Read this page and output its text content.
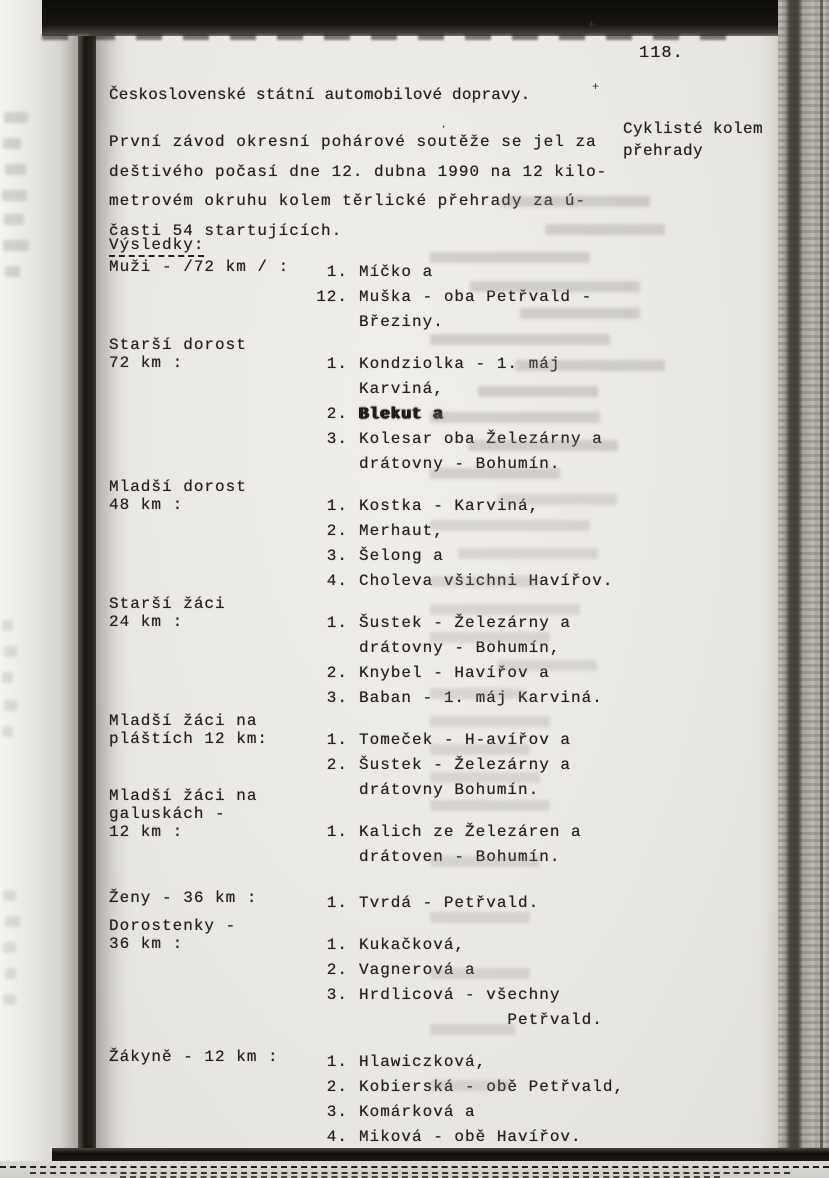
118.
Československé státní automobilové dopravy.
Cyklisté kolem
přehrady
První závod okresní pohárové soutěže se jel za
deštivého počasí dne 12. dubna 1990 na 12 kilo-
metrovém okruhu kolem těrlické přehrady za ú-
časti 54 startujících.
Výsledky:
Muži - /72 km / :	1. Míčko a
12. Muška - oba Petřvald -
Březiny.
Starší dorost
72 km :	1. Kondziolka - 1. máj
Karviná,
2. Blekut a
3. Kolesar oba Železárny a
drátovny - Bohumín.
Mladší dorost
48 km :	1. Kostka - Karviná,
2. Merhaut,
3. Šelong a
4. Choleva všichni Havířov.
Starší žáci
24 km :	1. Šustek - Železárny a
drátovny - Bohumín,
2. Knybel - Havířov a
3. Baban - 1. máj Karviná.
Mladší žáci na
pláštích 12 km:	1. Tomeček - H-avířov a
2. Šustek - Železárny a
drátovny Bohumín.
Mladší žáci na
galuskách -
12 km :	1. Kalich ze Železáren a
drátoven - Bohumín.
Ženy - 36 km :	1. Tvrdá - Petřvald.
Dorostenky -
36 km :	1. Kukačková,
2. Vagnerová a
3. Hrdlicová - všechny
Petřvald.
Žákyně - 12 km :	1. Hlawiczková,
2. Kobierská - obě Petřvald,
3. Komárková a
4. Miková - obě Havířov.
+
+
·
